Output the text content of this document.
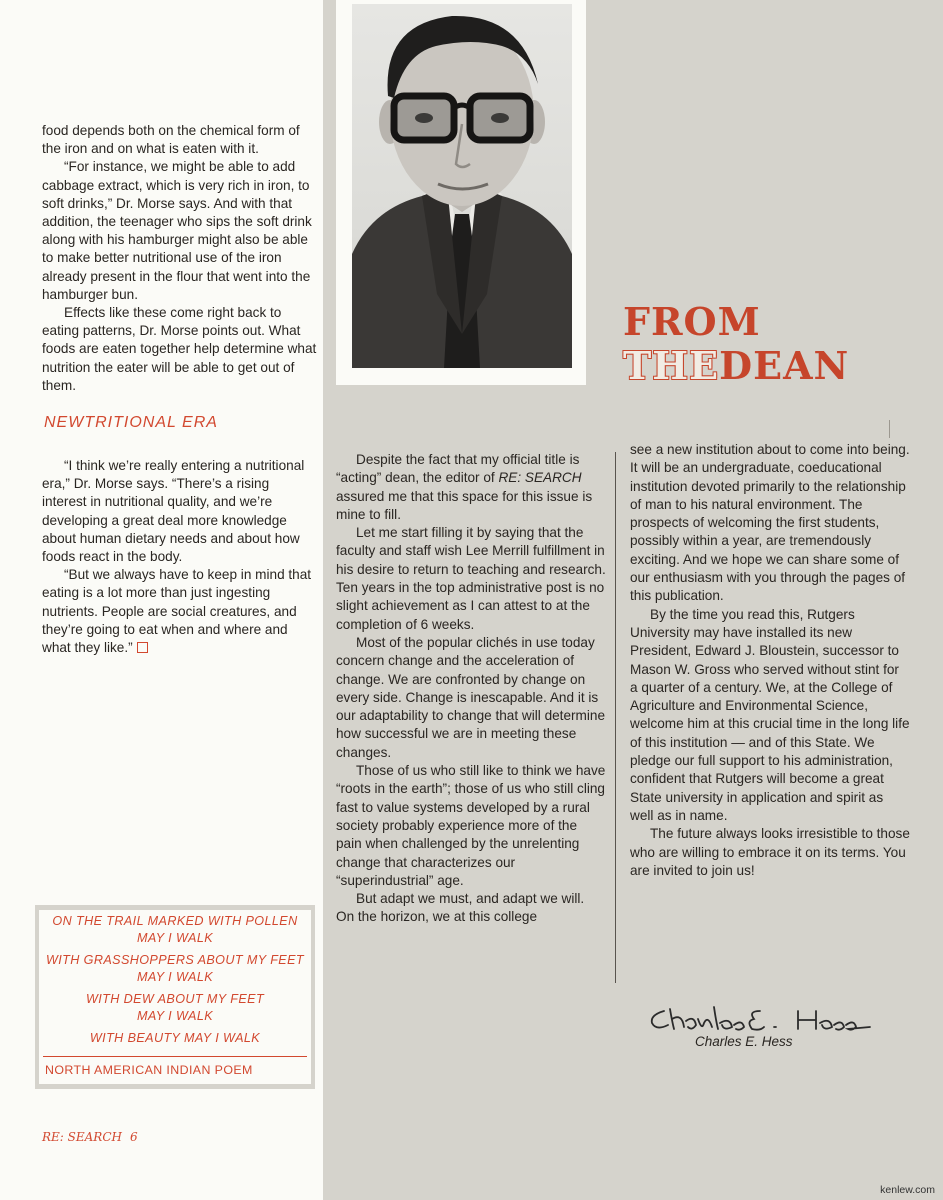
food depends both on the chemical form of the iron and on what is eaten with it.

“For instance, we might be able to add cabbage extract, which is very rich in iron, to soft drinks,” Dr. Morse says. And with that addition, the teenager who sips the soft drink along with his hamburger might also be able to make better nutritional use of the iron already present in the flour that went into the hamburger bun.

Effects like these come right back to eating patterns, Dr. Morse points out. What foods are eaten together help determine what nutrition the eater will be able to get out of them.

NEWTRITIONAL ERA

“I think we’re really entering a nutritional era,” Dr. Morse says. “There’s a rising interest in nutritional quality, and we’re developing a great deal more knowledge about human dietary needs and about how foods react in the body.

“But we always have to keep in mind that eating is a lot more than just ingesting nutrients. People are social creatures, and they’re going to eat when and where and what they like.”

FROM
THEDEAN

Despite the fact that my official title is “acting” dean, the editor of RE: SEARCH assured me that this space for this issue is mine to fill.

Let me start filling it by saying that the faculty and staff wish Lee Merrill fulfillment in his desire to return to teaching and research. Ten years in the top administrative post is no slight achievement as I can attest to at the completion of 6 weeks.

Most of the popular clichés in use today concern change and the acceleration of change. We are confronted by change on every side. Change is inescapable. And it is our adaptability to change that will determine how successful we are in meeting these changes.

Those of us who still like to think we have “roots in the earth”; those of us who still cling fast to value systems developed by a rural society probably experience more of the pain when challenged by the unrelenting change that characterizes our “superindustrial” age.

But adapt we must, and adapt we will. On the horizon, we at this college

see a new institution about to come into being. It will be an undergraduate, coeducational institution devoted primarily to the relationship of man to his natural environment. The prospects of welcoming the first students, possibly within a year, are tremendously exciting. And we hope we can share some of our enthusiasm with you through the pages of this publication.

By the time you read this, Rutgers University may have installed its new President, Edward J. Bloustein, successor to Mason W. Gross who served without stint for a quarter of a century. We, at the College of Agriculture and Environmental Science, welcome him at this crucial time in the long life of this institution — and of this State. We pledge our full support to his administration, confident that Rutgers will become a great State university in application and spirit as well as in name.

The future always looks irresistible to those who are willing to embrace it on its terms. You are invited to join us!

Charles E. Hess
ON THE TRAIL MARKED WITH POLLEN
MAY I WALK
WITH GRASSHOPPERS ABOUT MY FEET
MAY I WALK
WITH DEW ABOUT MY FEET
MAY I WALK
WITH BEAUTY MAY I WALK
NORTH AMERICAN INDIAN POEM
RE: SEARCH 6
kenlew.com
